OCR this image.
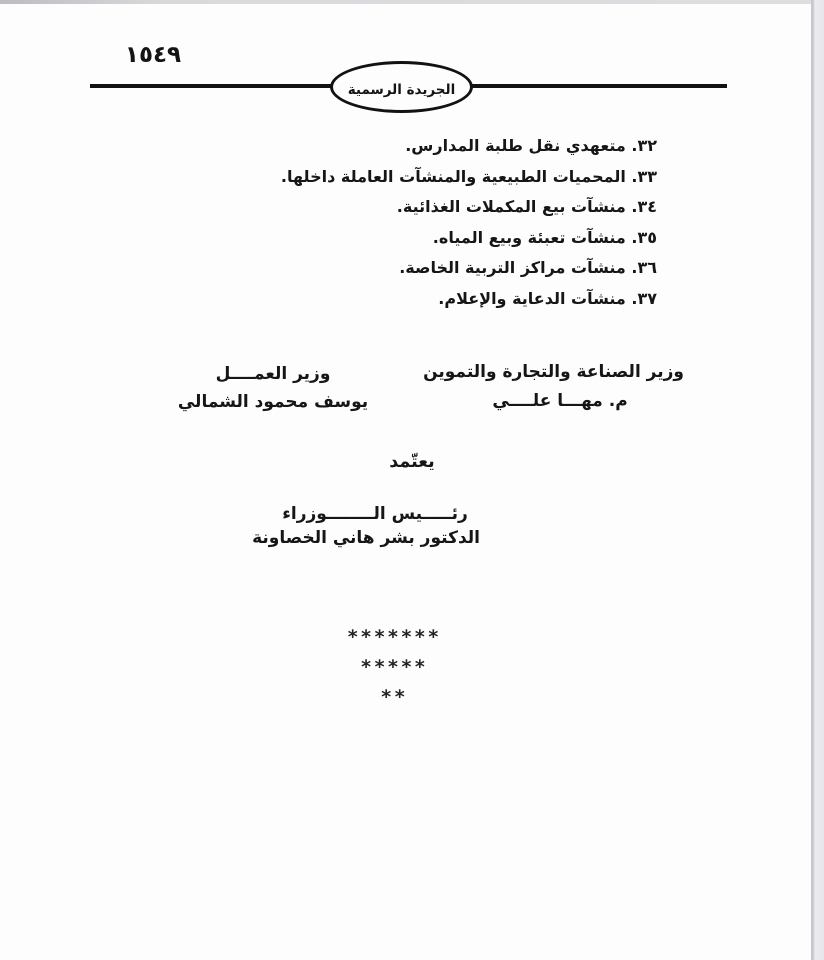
١٥٤٩
الجريدة الرسمية
٣٢. متعهدي نقل طلبة المدارس.
٣٣. المحميات الطبيعية والمنشآت العاملة داخلها.
٣٤. منشآت بيع المكملات الغذائية.
٣٥. منشآت تعبئة وبيع المياه.
٣٦. منشآت مراكز التربية الخاصة.
٣٧. منشآت الدعاية والإعلام.
وزير الصناعة والتجارة والتموين
م. مهـــا علــــي
وزير العمــــل
يوسف محمود الشمالي
يعتّمد
رئـــــيس الــــــــوزراء
الدكتور بشر هاني الخصاونة
*******
*****
**
